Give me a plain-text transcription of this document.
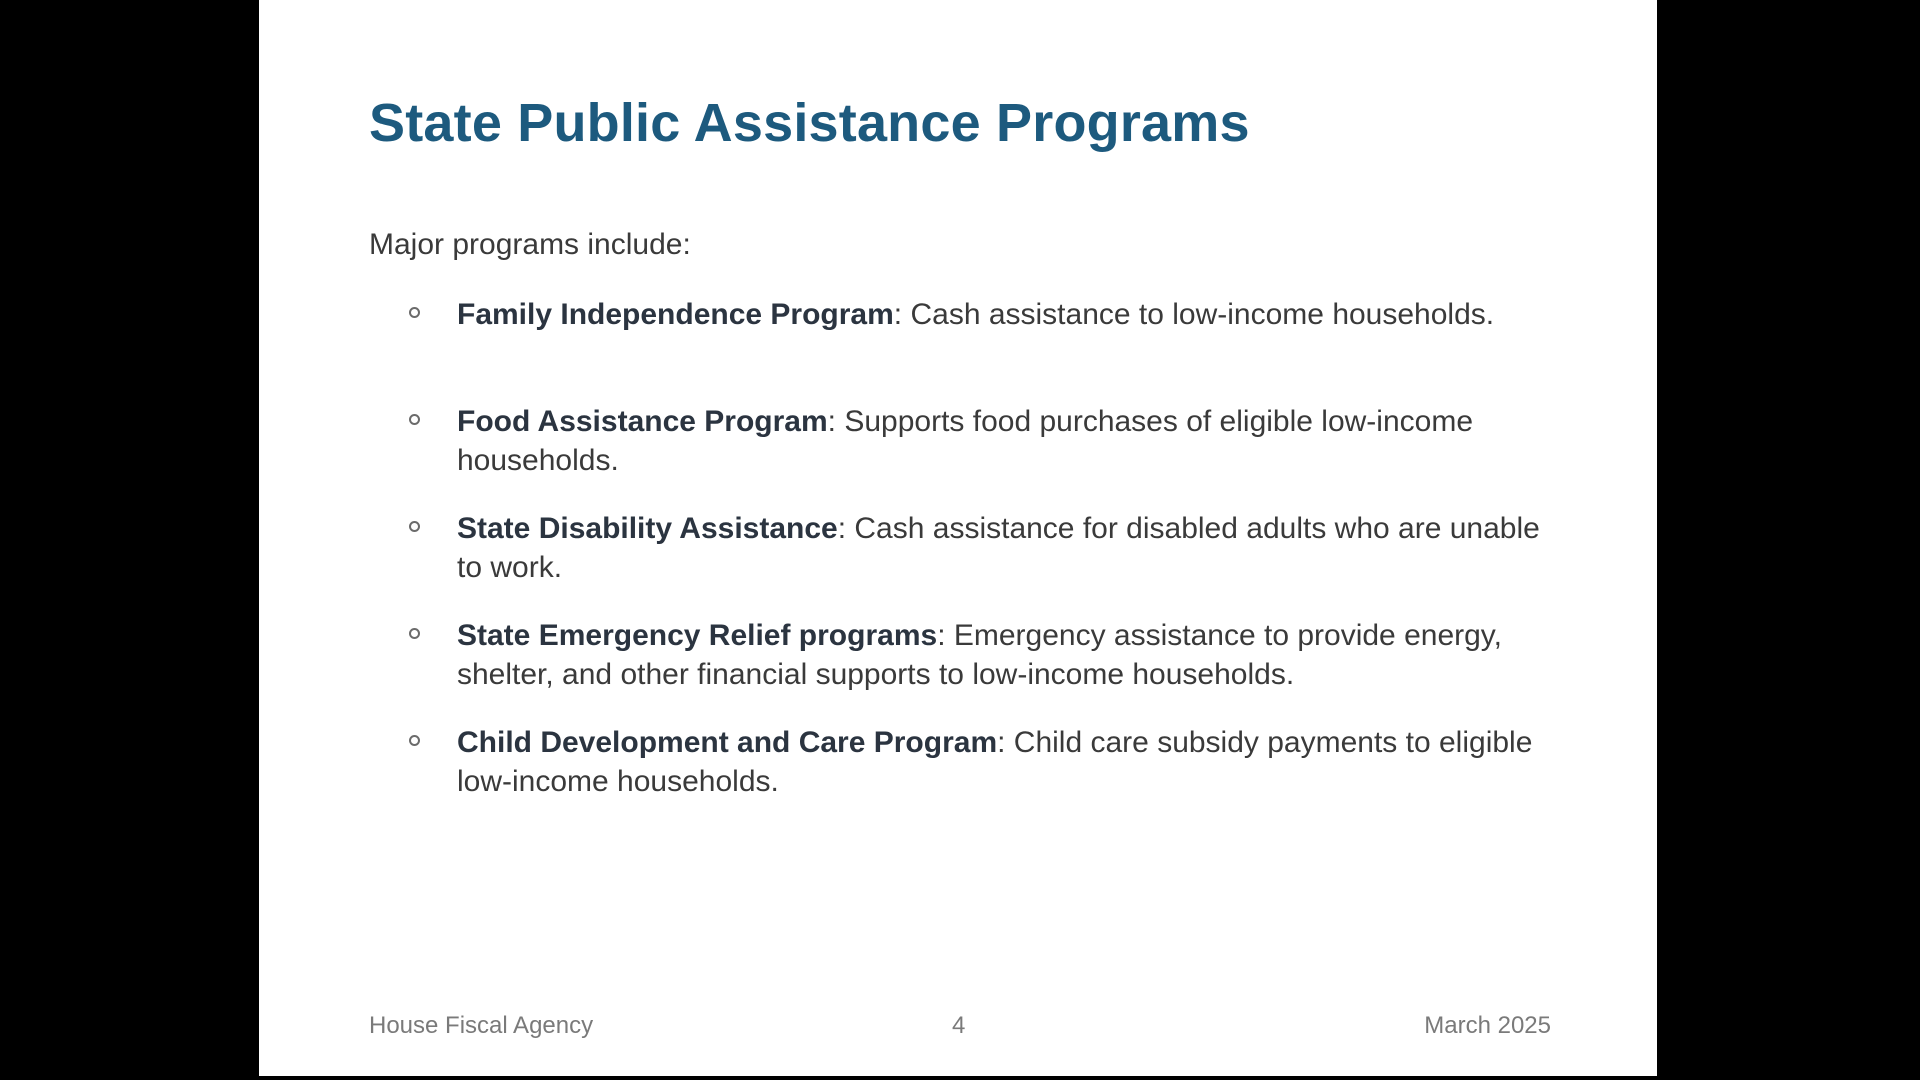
State Public Assistance Programs

Major programs include:

Family Independence Program: Cash assistance to low-income households.

Food Assistance Program: Supports food purchases of eligible low-income households.

State Disability Assistance: Cash assistance for disabled adults who are unable to work.

State Emergency Relief programs: Emergency assistance to provide energy, shelter, and other financial supports to low-income households.

Child Development and Care Program: Child care subsidy payments to eligible low-income households.

House Fiscal Agency	4	March 2025
